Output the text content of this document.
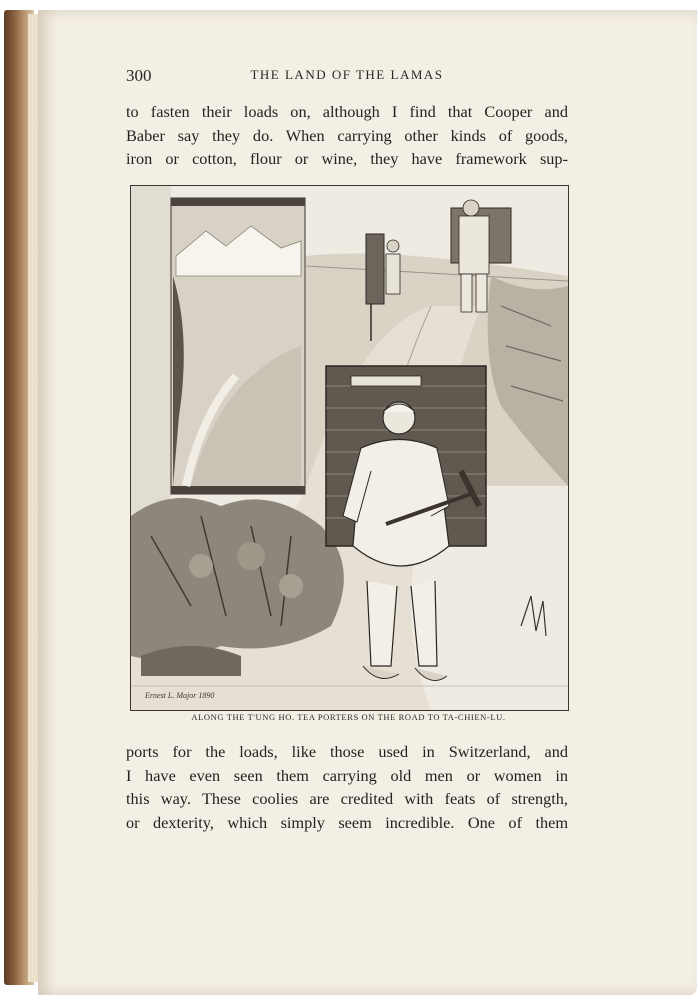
300	THE LAND OF THE LAMAS
to fasten their loads on, although I find that Cooper and
Baber say they do. When carrying other kinds of goods,
iron or cotton, flour or wine, they have framework sup-
Ernest L. Major 1890
ALONG THE T'UNG HO. TEA PORTERS ON THE ROAD TO TA-CHIEN-LU.
ports for the loads, like those used in Switzerland, and
I have even seen them carrying old men or women in
this way. These coolies are credited with feats of strength,
or dexterity, which simply seem incredible. One of them
